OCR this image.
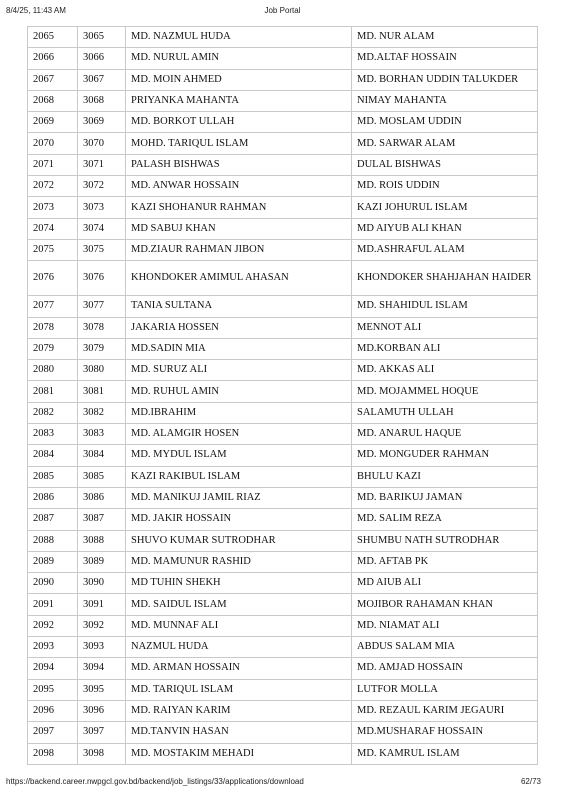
8/4/25, 11:43 AM	Job Portal
2065	3065	MD. NAZMUL HUDA	MD. NUR ALAM
2066	3066	MD. NURUL AMIN	MD.ALTAF HOSSAIN
2067	3067	MD. MOIN AHMED	MD. BORHAN UDDIN TALUKDER
2068	3068	PRIYANKA MAHANTA	NIMAY MAHANTA
2069	3069	MD. BORKOT ULLAH	MD. MOSLAM UDDIN
2070	3070	MOHD. TARIQUL ISLAM	MD. SARWAR ALAM
2071	3071	PALASH BISHWAS	DULAL BISHWAS
2072	3072	MD. ANWAR HOSSAIN	MD. ROIS UDDIN
2073	3073	KAZI SHOHANUR RAHMAN	KAZI JOHURUL ISLAM
2074	3074	MD SABUJ KHAN	MD AIYUB ALI KHAN
2075	3075	MD.ZIAUR RAHMAN JIBON	MD.ASHRAFUL ALAM
2076	3076	KHONDOKER AMIMUL AHASAN	KHONDOKER SHAHJAHAN HAIDER
2077	3077	TANIA SULTANA	MD. SHAHIDUL ISLAM
2078	3078	JAKARIA HOSSEN	MENNOT ALI
2079	3079	MD.SADIN MIA	MD.KORBAN ALI
2080	3080	MD. SURUZ ALI	MD. AKKAS ALI
2081	3081	MD. RUHUL AMIN	MD. MOJAMMEL HOQUE
2082	3082	MD.IBRAHIM	SALAMUTH ULLAH
2083	3083	MD. ALAMGIR HOSEN	MD. ANARUL HAQUE
2084	3084	MD. MYDUL ISLAM	MD. MONGUDER RAHMAN
2085	3085	KAZI RAKIBUL ISLAM	BHULU KAZI
2086	3086	MD. MANIKUJ JAMIL RIAZ	MD. BARIKUJ JAMAN
2087	3087	MD. JAKIR HOSSAIN	MD. SALIM REZA
2088	3088	SHUVO KUMAR SUTRODHAR	SHUMBU NATH SUTRODHAR
2089	3089	MD. MAMUNUR RASHID	MD. AFTAB PK
2090	3090	MD TUHIN SHEKH	MD AIUB ALI
2091	3091	MD. SAIDUL ISLAM	MOJIBOR RAHAMAN KHAN
2092	3092	MD. MUNNAF ALI	MD. NIAMAT ALI
2093	3093	NAZMUL HUDA	ABDUS SALAM MIA
2094	3094	MD. ARMAN HOSSAIN	MD. AMJAD HOSSAIN
2095	3095	MD. TARIQUL ISLAM	LUTFOR MOLLA
2096	3096	MD. RAIYAN KARIM	MD. REZAUL KARIM JEGAURI
2097	3097	MD.TANVIN HASAN	MD.MUSHARAF HOSSAIN
2098	3098	MD. MOSTAKIM MEHADI	MD. KAMRUL ISLAM
https://backend.career.nwpgcl.gov.bd/backend/job_listings/33/applications/download	62/73
